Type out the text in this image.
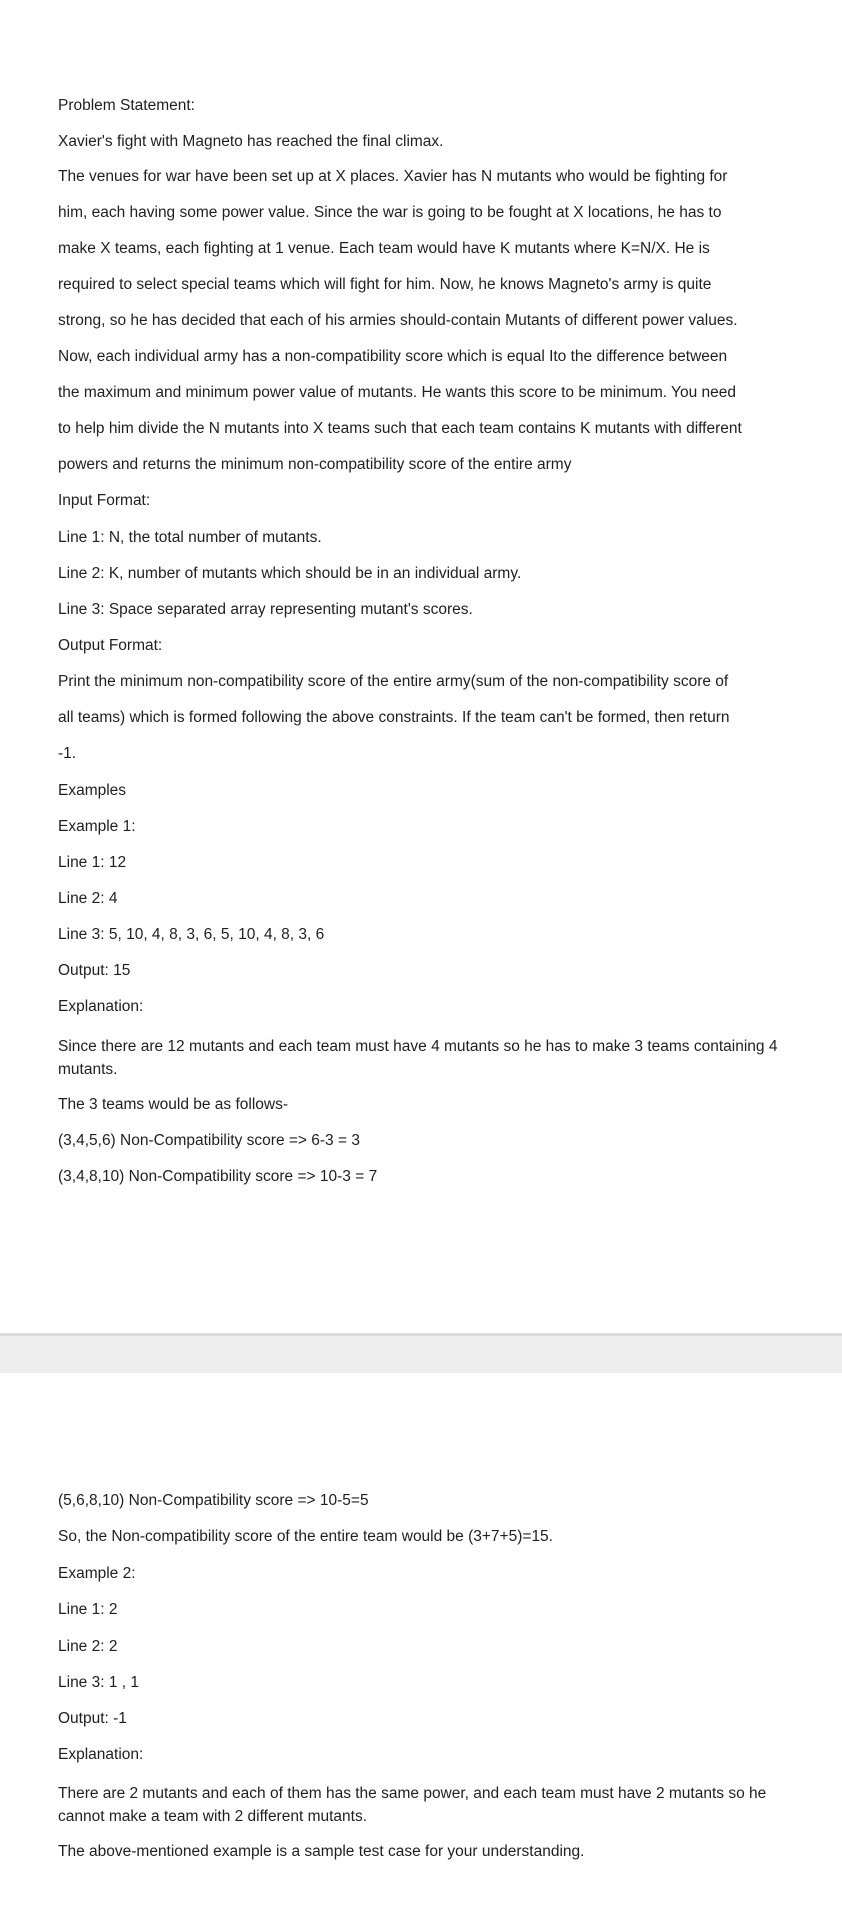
Problem Statement:
Xavier's fight with Magneto has reached the final climax.
The venues for war have been set up at X places. Xavier has N mutants who would be fighting for
him, each having some power value. Since the war is going to be fought at X locations, he has to
make X teams, each fighting at 1 venue. Each team would have K mutants where K=N/X. He is
required to select special teams which will fight for him. Now, he knows Magneto's army is quite
strong, so he has decided that each of his armies should-contain Mutants of different power values.
Now, each individual army has a non-compatibility score which is equal Ito the difference between
the maximum and minimum power value of mutants. He wants this score to be minimum. You need
to help him divide the N mutants into X teams such that each team contains K mutants with different
powers and returns the minimum non-compatibility score of the entire army
Input Format:
Line 1: N, the total number of mutants.
Line 2: K, number of mutants which should be in an individual army.
Line 3: Space separated array representing mutant's scores.
Output Format:
Print the minimum non-compatibility score of the entire army(sum of the non-compatibility score of
all teams) which is formed following the above constraints. If the team can't be formed, then return
-1.
Examples
Example 1:
Line 1: 12
Line 2: 4
Line 3: 5, 10, 4, 8, 3, 6, 5, 10, 4, 8, 3, 6
Output: 15
Explanation:
Since there are 12 mutants and each team must have 4 mutants so he has to make 3 teams containing 4 mutants.
The 3 teams would be as follows-
(3,4,5,6) Non-Compatibility score => 6-3 = 3
(3,4,8,10) Non-Compatibility score => 10-3 = 7
(5,6,8,10) Non-Compatibility score => 10-5=5
So, the Non-compatibility score of the entire team would be (3+7+5)=15.
Example 2:
Line 1: 2
Line 2: 2
Line 3: 1 , 1
Output: -1
Explanation:
There are 2 mutants and each of them has the same power, and each team must have 2 mutants so he cannot make a team with 2 different mutants.
The above-mentioned example is a sample test case for your understanding.
